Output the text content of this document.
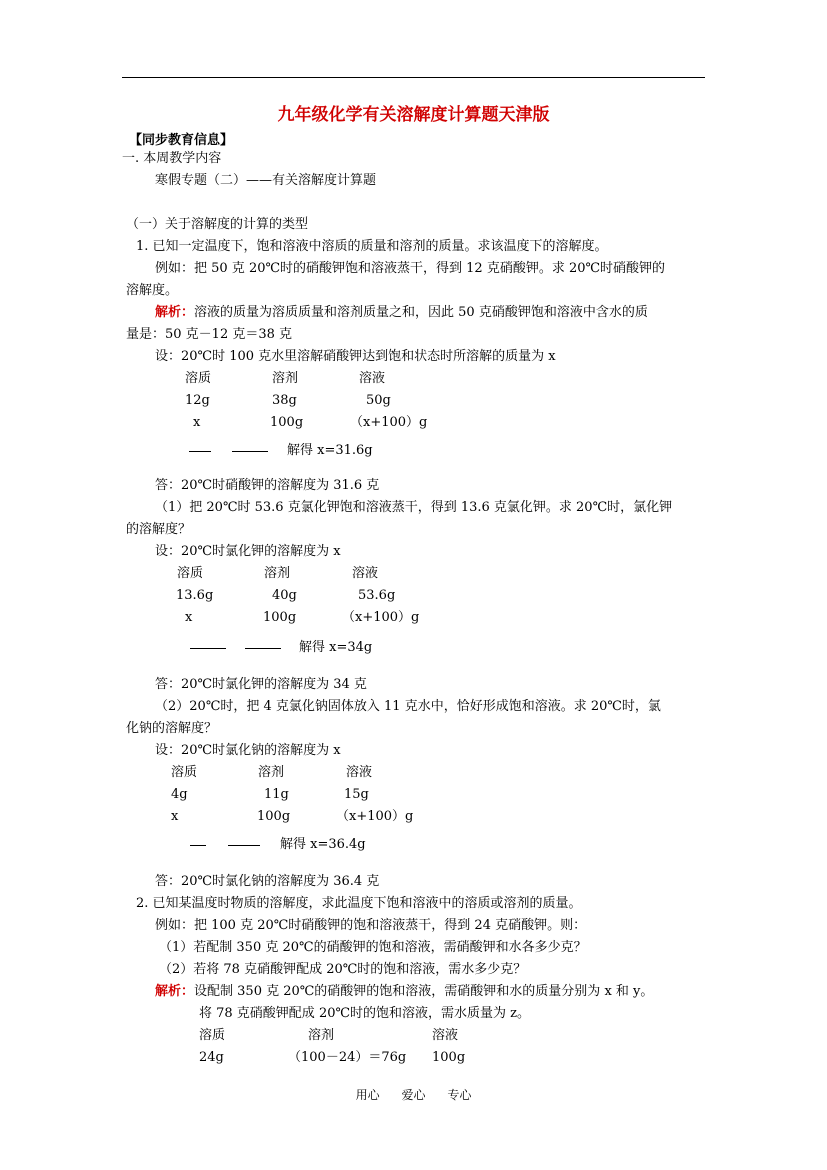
九年级化学有关溶解度计算题天津版
【同步教育信息】
一. 本周教学内容
寒假专题（二）——有关溶解度计算题
（一）关于溶解度的计算的类型
1. 已知一定温度下，饱和溶液中溶质的质量和溶剂的质量。求该温度下的溶解度。
例如：把 50 克 20℃时的硝酸钾饱和溶液蒸干，得到 12 克硝酸钾。求 20℃时硝酸钾的
溶解度。
解析：溶液的质量为溶质质量和溶剂质量之和，因此 50 克硝酸钾饱和溶液中含水的质
量是：50 克－12 克＝38 克
设：20℃时 100 克水里溶解硝酸钾达到饱和状态时所溶解的质量为 x
溶质	溶剂	溶液
12g	38g	50g
x	100g	（x+100）g
解得 x=31.6g
答：20℃时硝酸钾的溶解度为 31.6 克
（1）把 20℃时 53.6 克氯化钾饱和溶液蒸干，得到 13.6 克氯化钾。求 20℃时，氯化钾
的溶解度？
设：20℃时氯化钾的溶解度为 x
溶质	溶剂	溶液
13.6g	40g	53.6g
x	100g	（x+100）g
解得 x=34g
答：20℃时氯化钾的溶解度为 34 克
（2）20℃时，把 4 克氯化钠固体放入 11 克水中，恰好形成饱和溶液。求 20℃时，氯
化钠的溶解度？
设：20℃时氯化钠的溶解度为 x
溶质	溶剂	溶液
4g	11g	15g
x	100g	（x+100）g
解得 x=36.4g
答：20℃时氯化钠的溶解度为 36.4 克
2. 已知某温度时物质的溶解度，求此温度下饱和溶液中的溶质或溶剂的质量。
例如：把 100 克 20℃时硝酸钾的饱和溶液蒸干，得到 24 克硝酸钾。则：
（1）若配制 350 克 20℃的硝酸钾的饱和溶液，需硝酸钾和水各多少克？
（2）若将 78 克硝酸钾配成 20℃时的饱和溶液，需水多少克？
解析：设配制 350 克 20℃的硝酸钾的饱和溶液，需硝酸钾和水的质量分别为 x 和 y。
将 78 克硝酸钾配成 20℃时的饱和溶液，需水质量为 z。
溶质	溶剂	溶液
24g	（100－24）＝76g 100g
用心 爱心 专心
